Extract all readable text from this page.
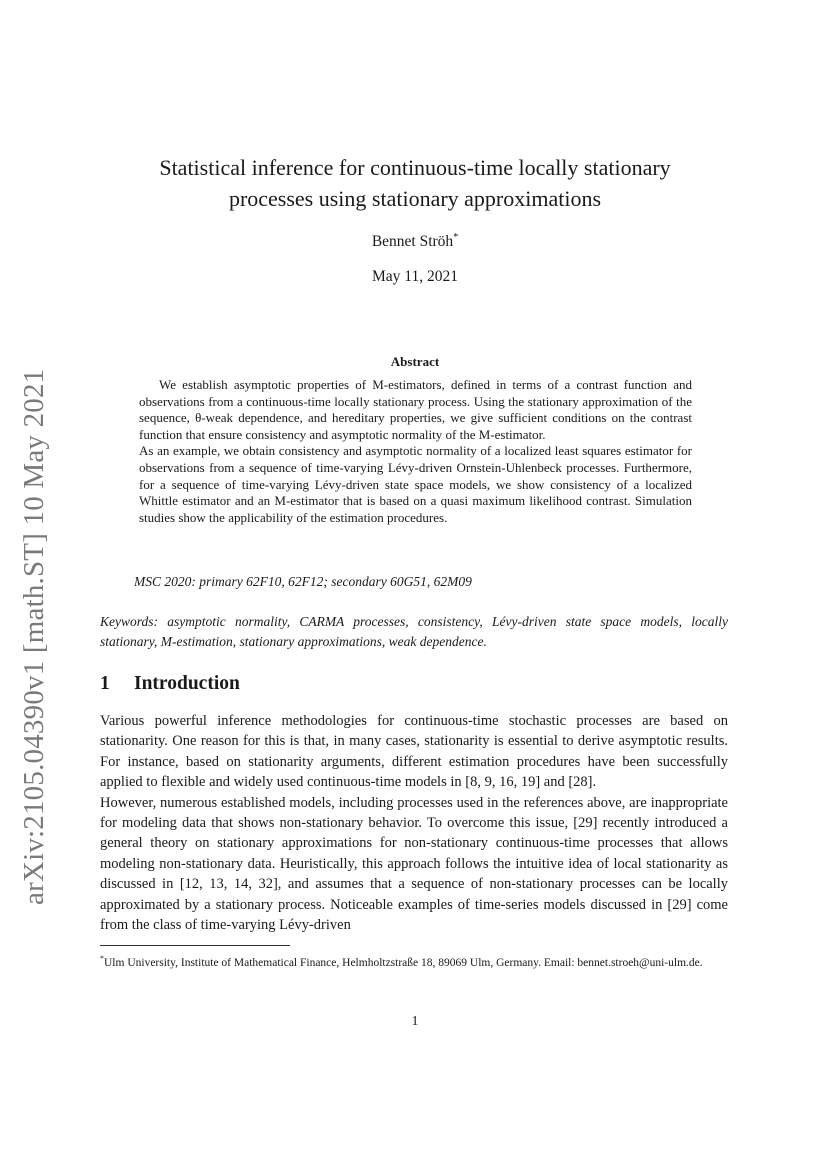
arXiv:2105.04390v1 [math.ST] 10 May 2021
Statistical inference for continuous-time locally stationary
processes using stationary approximations
Bennet Ströh*
May 11, 2021
Abstract

We establish asymptotic properties of M-estimators, defined in terms of a contrast function and observations from a continuous-time locally stationary process. Using the stationary approximation of the sequence, θ-weak dependence, and hereditary properties, we give sufficient conditions on the contrast function that ensure consistency and asymptotic normality of the M-estimator.

As an example, we obtain consistency and asymptotic normality of a localized least squares estimator for observations from a sequence of time-varying Lévy-driven Ornstein-Uhlenbeck processes. Furthermore, for a sequence of time-varying Lévy-driven state space models, we show consistency of a localized Whittle estimator and an M-estimator that is based on a quasi maximum likelihood contrast. Simulation studies show the applicability of the estimation procedures.

MSC 2020: primary 62F10, 62F12; secondary 60G51, 62M09
Keywords: asymptotic normality, CARMA processes, consistency, Lévy-driven state space models, locally stationary, M-estimation, stationary approximations, weak dependence.
1 Introduction

Various powerful inference methodologies for continuous-time stochastic processes are based on stationarity. One reason for this is that, in many cases, stationarity is essential to derive asymptotic results. For instance, based on stationarity arguments, different estimation procedures have been successfully applied to flexible and widely used continuous-time models in [8, 9, 16, 19] and [28].

However, numerous established models, including processes used in the references above, are inappropriate for modeling data that shows non-stationary behavior. To overcome this issue, [29] recently introduced a general theory on stationary approximations for non-stationary continuous-time processes that allows modeling non-stationary data. Heuristically, this approach follows the intuitive idea of local stationarity as discussed in [12, 13, 14, 32], and assumes that a sequence of non-stationary processes can be locally approximated by a stationary process. Noticeable examples of time-series models discussed in [29] come from the class of time-varying Lévy-driven

*Ulm University, Institute of Mathematical Finance, Helmholtzstraße 18, 89069 Ulm, Germany. Email: bennet.stroeh@uni-ulm.de.
1
